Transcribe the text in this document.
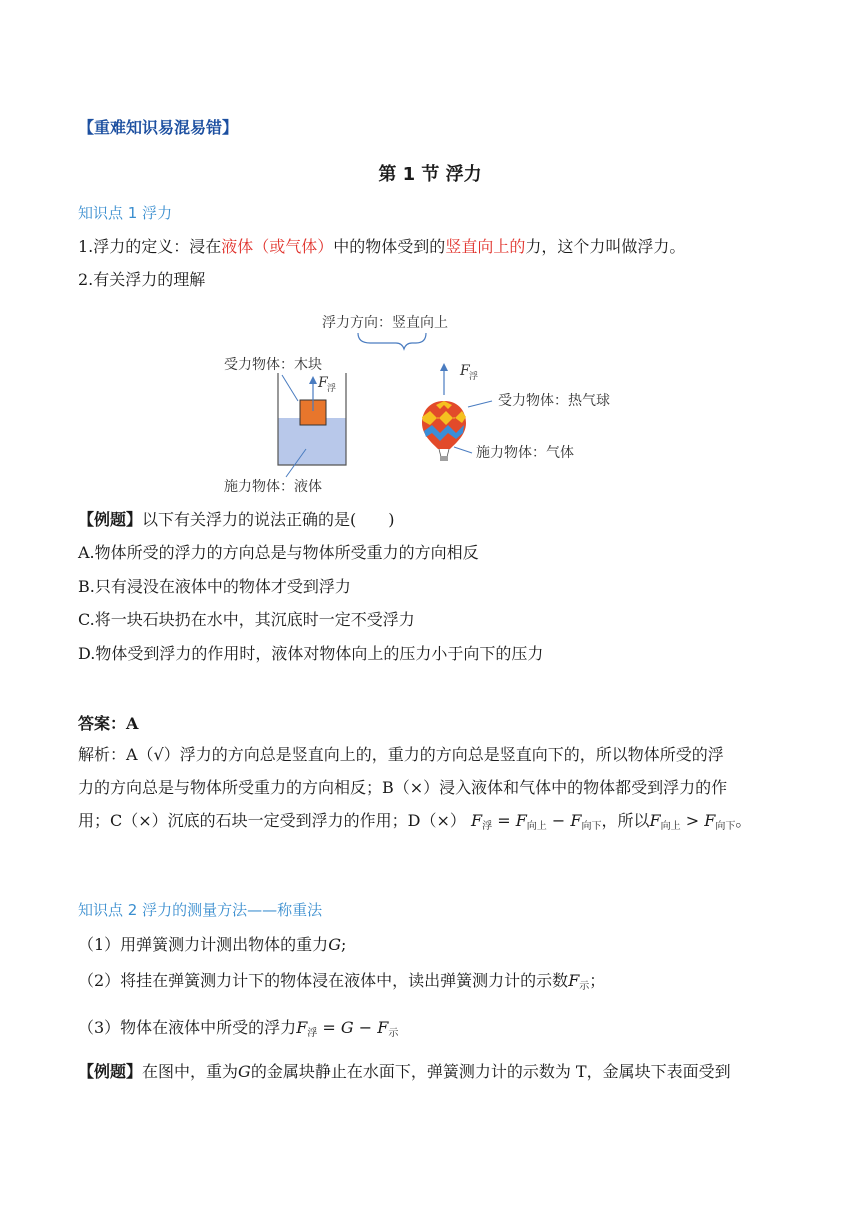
【重难知识易混易错】
第 1 节 浮力
知识点 1 浮力
1.浮力的定义：浸在液体（或气体）中的物体受到的竖直向上的力，这个力叫做浮力。
2.有关浮力的理解
浮力方向：竖直向上
受力物体：木块
F 浮
施力物体：液体
F 浮
受力物体：热气球
施力物体：气体
【例题】以下有关浮力的说法正确的是(　　)
A.物体所受的浮力的方向总是与物体所受重力的方向相反
B.只有浸没在液体中的物体才受到浮力
C.将一块石块扔在水中，其沉底时一定不受浮力
D.物体受到浮力的作用时，液体对物体向上的压力小于向下的压力
答案：A
解析：A（√）浮力的方向总是竖直向上的，重力的方向总是竖直向下的，所以物体所受的浮
力的方向总是与物体所受重力的方向相反；B（×）浸入液体和气体中的物体都受到浮力的作
用；C（×）沉底的石块一定受到浮力的作用；D（×） $F_浮 = F_{向上} - F_{向下}$，所以$F_{向上} > F_{向下}$。
知识点 2 浮力的测量方法——称重法
（1）用弹簧测力计测出物体的重力G;
（2）将挂在弹簧测力计下的物体浸在液体中，读出弹簧测力计的示数$F_示$；
（3）物体在液体中所受的浮力$F_浮 = G - F_示$
【例题】在图中，重为G的金属块静止在水面下，弹簧测力计的示数为 T，金属块下表面受到
